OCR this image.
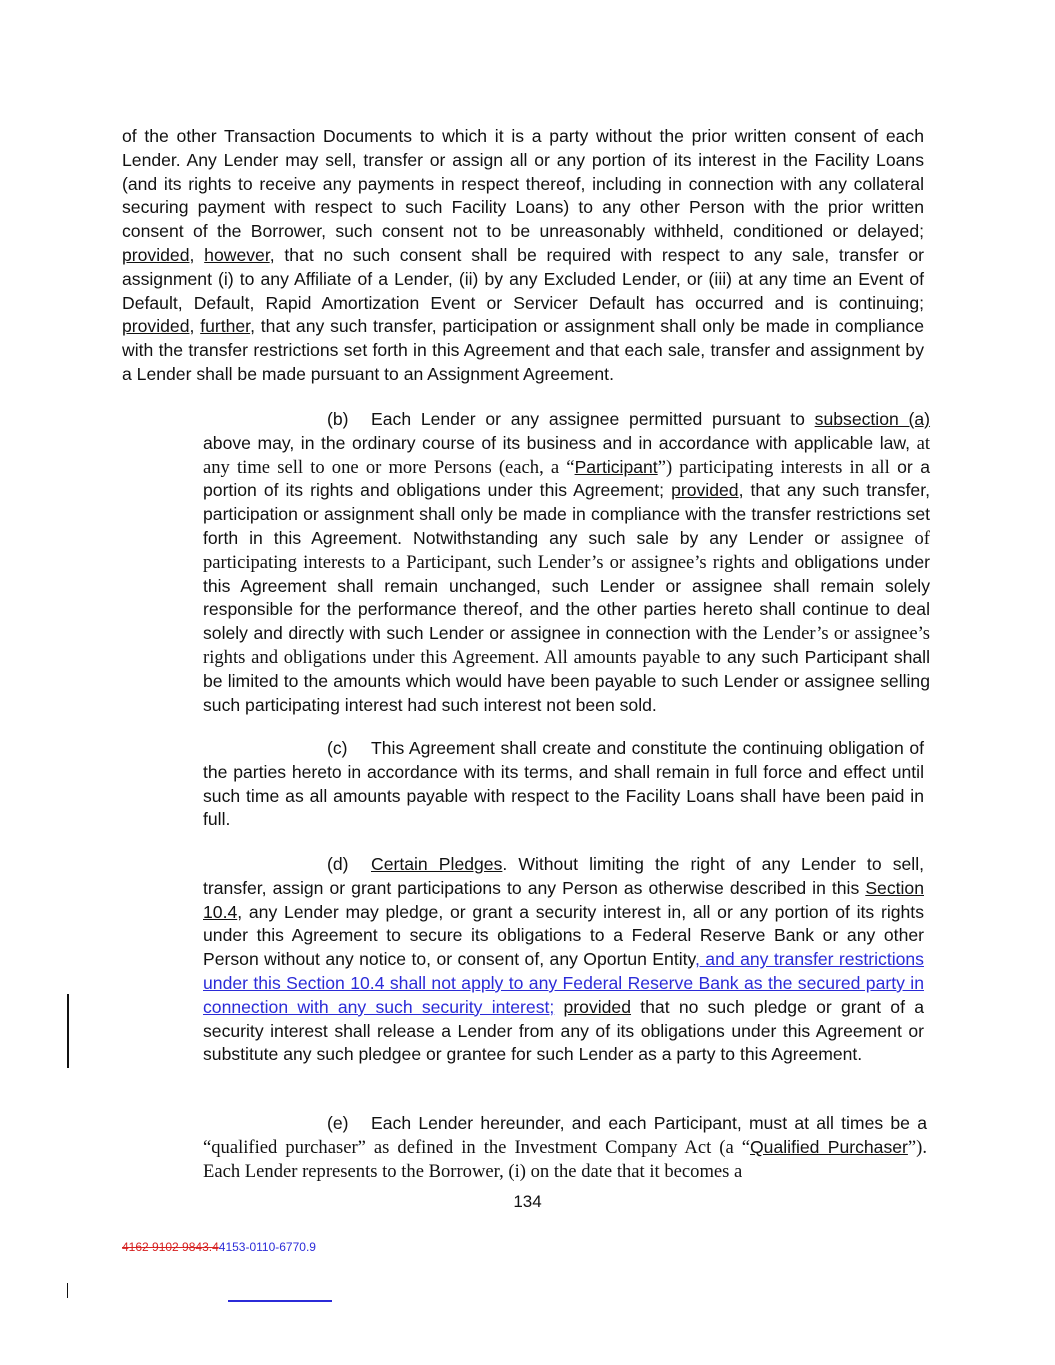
of the other Transaction Documents to which it is a party without the prior written consent of each Lender. Any Lender may sell, transfer or assign all or any portion of its interest in the Facility Loans (and its rights to receive any payments in respect thereof, including in connection with any collateral securing payment with respect to such Facility Loans) to any other Person with the prior written consent of the Borrower, such consent not to be unreasonably withheld, conditioned or delayed; provided, however, that no such consent shall be required with respect to any sale, transfer or assignment (i) to any Affiliate of a Lender, (ii) by any Excluded Lender, or (iii) at any time an Event of Default, Default, Rapid Amortization Event or Servicer Default has occurred and is continuing; provided, further, that any such transfer, participation or assignment shall only be made in compliance with the transfer restrictions set forth in this Agreement and that each sale, transfer and assignment by a Lender shall be made pursuant to an Assignment Agreement.
(b) Each Lender or any assignee permitted pursuant to subsection (a) above may, in the ordinary course of its business and in accordance with applicable law, at any time sell to one or more Persons (each, a “Participant”) participating interests in all or a portion of its rights and obligations under this Agreement; provided, that any such transfer, participation or assignment shall only be made in compliance with the transfer restrictions set forth in this Agreement. Notwithstanding any such sale by any Lender or assignee of participating interests to a Participant, such Lender’s or assignee’s rights and obligations under this Agreement shall remain unchanged, such Lender or assignee shall remain solely responsible for the performance thereof, and the other parties hereto shall continue to deal solely and directly with such Lender or assignee in connection with the Lender’s or assignee’s rights and obligations under this Agreement. All amounts payable to any such Participant shall be limited to the amounts which would have been payable to such Lender or assignee selling such participating interest had such interest not been sold.
(c) This Agreement shall create and constitute the continuing obligation of the parties hereto in accordance with its terms, and shall remain in full force and effect until such time as all amounts payable with respect to the Facility Loans shall have been paid in full.
(d) Certain Pledges. Without limiting the right of any Lender to sell, transfer, assign or grant participations to any Person as otherwise described in this Section 10.4, any Lender may pledge, or grant a security interest in, all or any portion of its rights under this Agreement to secure its obligations to a Federal Reserve Bank or any other Person without any notice to, or consent of, any Oportun Entity, and any transfer restrictions under this Section 10.4 shall not apply to any Federal Reserve Bank as the secured party in connection with any such security interest; provided that no such pledge or grant of a security interest shall release a Lender from any of its obligations under this Agreement or substitute any such pledgee or grantee for such Lender as a party to this Agreement.
(e) Each Lender hereunder, and each Participant, must at all times be a “qualified purchaser” as defined in the Investment Company Act (a “Qualified Purchaser”). Each Lender represents to the Borrower, (i) on the date that it becomes a
134
4162 9102 9843.44153-0110-6770.9
